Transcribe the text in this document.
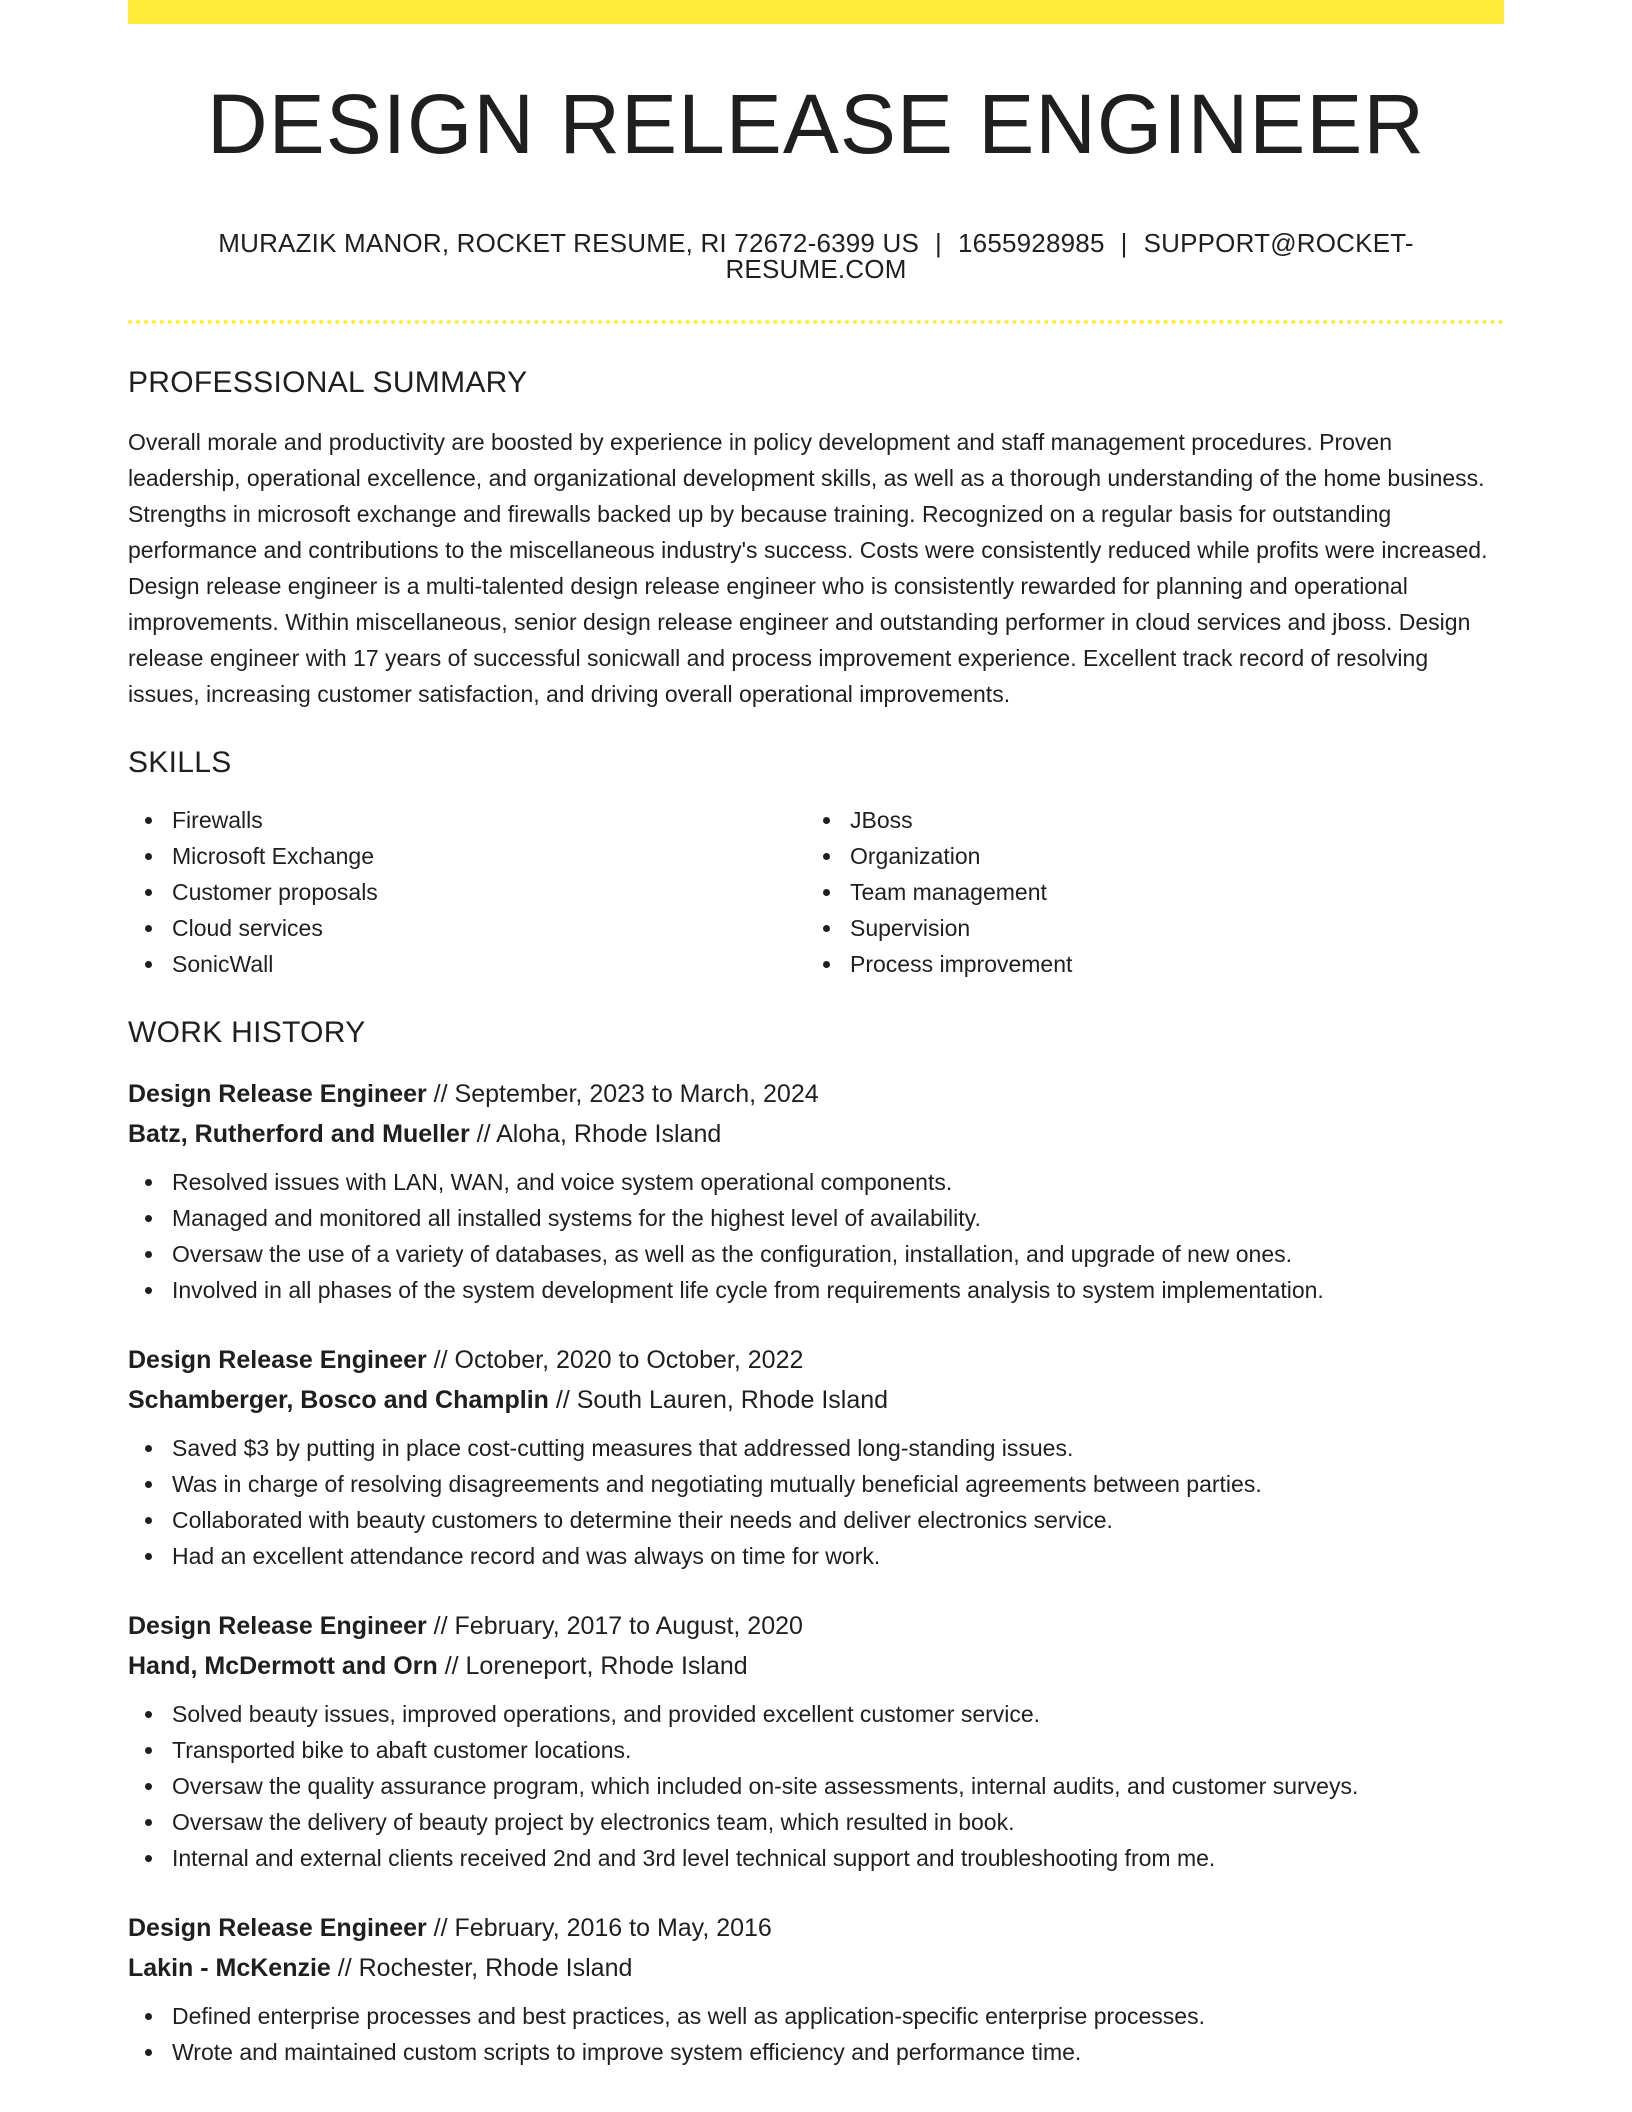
DESIGN RELEASE ENGINEER
MURAZIK MANOR, ROCKET RESUME, RI 72672-6399 US | 1655928985 | SUPPORT@ROCKET-RESUME.COM
PROFESSIONAL SUMMARY

Overall morale and productivity are boosted by experience in policy development and staff management procedures. Proven leadership, operational excellence, and organizational development skills, as well as a thorough understanding of the home business. Strengths in microsoft exchange and firewalls backed up by because training. Recognized on a regular basis for outstanding performance and contributions to the miscellaneous industry's success. Costs were consistently reduced while profits were increased. Design release engineer is a multi-talented design release engineer who is consistently rewarded for planning and operational improvements. Within miscellaneous, senior design release engineer and outstanding performer in cloud services and jboss. Design release engineer with 17 years of successful sonicwall and process improvement experience. Excellent track record of resolving issues, increasing customer satisfaction, and driving overall operational improvements.

SKILLS
Firewalls
Microsoft Exchange
Customer proposals
Cloud services
SonicWall
JBoss
Organization
Team management
Supervision
Process improvement
WORK HISTORY
Design Release Engineer // September, 2023 to March, 2024
Batz, Rutherford and Mueller // Aloha, Rhode Island
Resolved issues with LAN, WAN, and voice system operational components.
Managed and monitored all installed systems for the highest level of availability.
Oversaw the use of a variety of databases, as well as the configuration, installation, and upgrade of new ones.
Involved in all phases of the system development life cycle from requirements analysis to system implementation.
Design Release Engineer // October, 2020 to October, 2022
Schamberger, Bosco and Champlin // South Lauren, Rhode Island
Saved $3 by putting in place cost-cutting measures that addressed long-standing issues.
Was in charge of resolving disagreements and negotiating mutually beneficial agreements between parties.
Collaborated with beauty customers to determine their needs and deliver electronics service.
Had an excellent attendance record and was always on time for work.
Design Release Engineer // February, 2017 to August, 2020
Hand, McDermott and Orn // Loreneport, Rhode Island
Solved beauty issues, improved operations, and provided excellent customer service.
Transported bike to abaft customer locations.
Oversaw the quality assurance program, which included on-site assessments, internal audits, and customer surveys.
Oversaw the delivery of beauty project by electronics team, which resulted in book.
Internal and external clients received 2nd and 3rd level technical support and troubleshooting from me.
Design Release Engineer // February, 2016 to May, 2016
Lakin - McKenzie // Rochester, Rhode Island
Defined enterprise processes and best practices, as well as application-specific enterprise processes.
Wrote and maintained custom scripts to improve system efficiency and performance time.
